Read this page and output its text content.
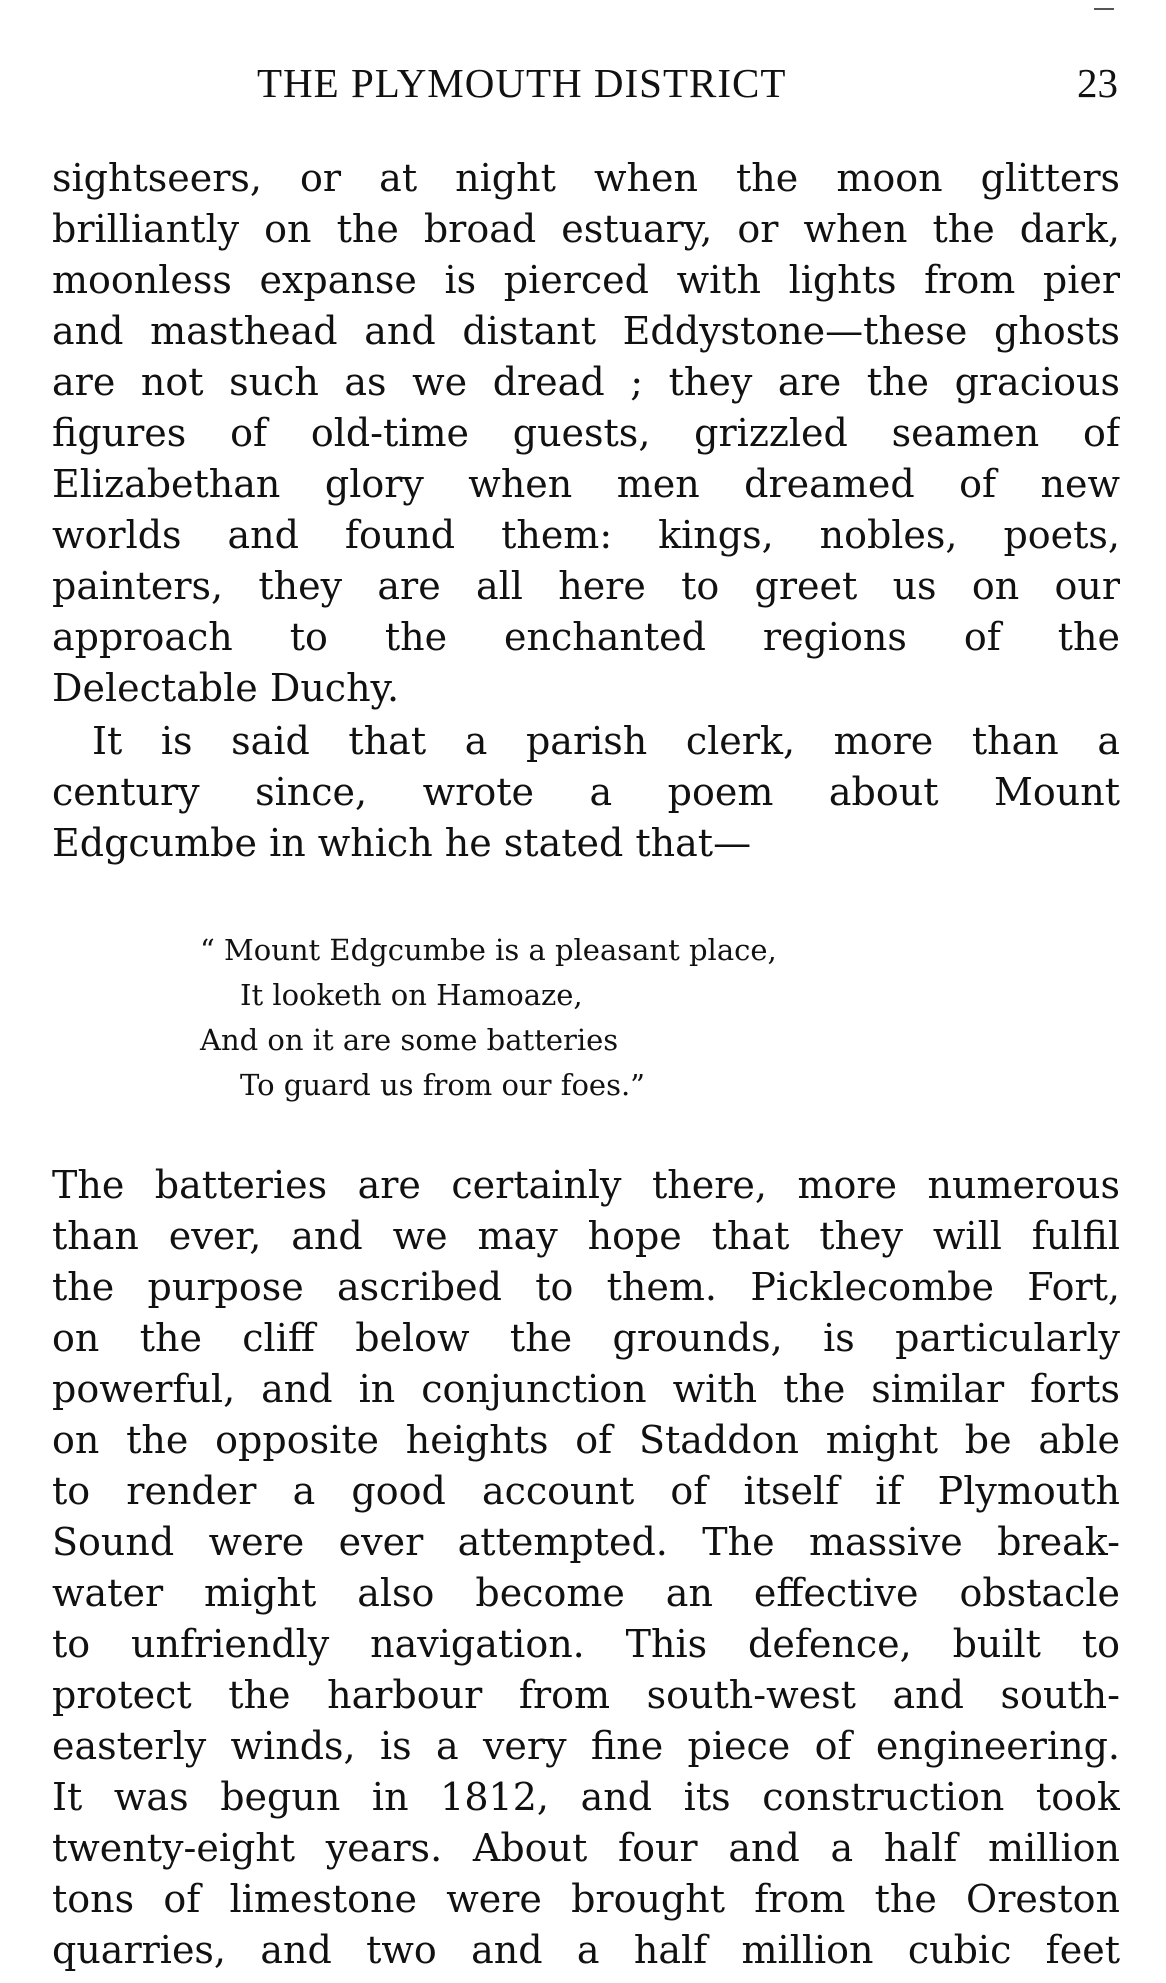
THE PLYMOUTH DISTRICT	23
sightseers, or at night when the moon glitters
brilliantly on the broad estuary, or when the dark,
moonless expanse is pierced with lights from pier
and masthead and distant Eddystone—these ghosts
are not such as we dread ; they are the gracious
figures of old-time guests, grizzled seamen of
Elizabethan glory when men dreamed of new
worlds and found them: kings, nobles, poets,
painters, they are all here to greet us on our
approach to the enchanted regions of the
Delectable Duchy.
It is said that a parish clerk, more than a
century since, wrote a poem about Mount
Edgcumbe in which he stated that—
“ Mount Edgcumbe is a pleasant place,
It looketh on Hamoaze,
And on it are some batteries
To guard us from our foes.”
The batteries are certainly there, more numerous
than ever, and we may hope that they will fulfil
the purpose ascribed to them. Picklecombe Fort,
on the cliff below the grounds, is particularly
powerful, and in conjunction with the similar forts
on the opposite heights of Staddon might be able
to render a good account of itself if Plymouth
Sound were ever attempted. The massive break-
water might also become an effective obstacle
to unfriendly navigation. This defence, built to
protect the harbour from south-west and south-
easterly winds, is a very fine piece of engineering.
It was begun in 1812, and its construction took
twenty-eight years. About four and a half million
tons of limestone were brought from the Oreston
quarries, and two and a half million cubic feet
